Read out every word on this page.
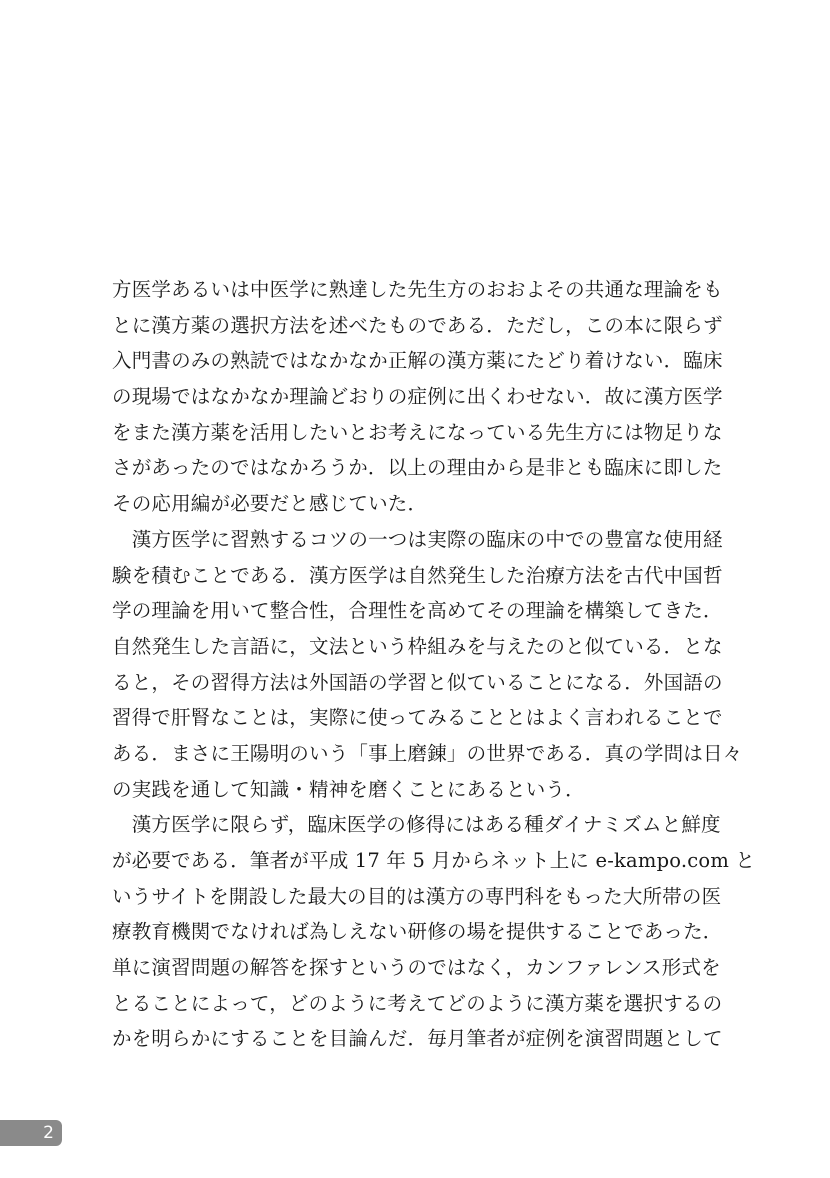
方医学あるいは中医学に熟達した先生方のおおよその共通な理論をも
とに漢方薬の選択方法を述べたものである．ただし，この本に限らず
入門書のみの熟読ではなかなか正解の漢方薬にたどり着けない．臨床
の現場ではなかなか理論どおりの症例に出くわせない．故に漢方医学
をまた漢方薬を活用したいとお考えになっている先生方には物足りな
さがあったのではなかろうか．以上の理由から是非とも臨床に即した
その応用編が必要だと感じていた．
　漢方医学に習熟するコツの一つは実際の臨床の中での豊富な使用経
験を積むことである．漢方医学は自然発生した治療方法を古代中国哲
学の理論を用いて整合性，合理性を高めてその理論を構築してきた．
自然発生した言語に，文法という枠組みを与えたのと似ている．とな
ると，その習得方法は外国語の学習と似ていることになる．外国語の
習得で肝腎なことは，実際に使ってみることとはよく言われることで
ある．まさに王陽明のいう「事上磨錬」の世界である．真の学問は日々
の実践を通して知識・精神を磨くことにあるという．
　漢方医学に限らず，臨床医学の修得にはある種ダイナミズムと鮮度
が必要である．筆者が平成 17 年 5 月からネット上に e-kampo.com と
いうサイトを開設した最大の目的は漢方の専門科をもった大所帯の医
療教育機関でなければ為しえない研修の場を提供することであった．
単に演習問題の解答を探すというのではなく，カンファレンス形式を
とることによって，どのように考えてどのように漢方薬を選択するの
かを明らかにすることを目論んだ．毎月筆者が症例を演習問題として
2
